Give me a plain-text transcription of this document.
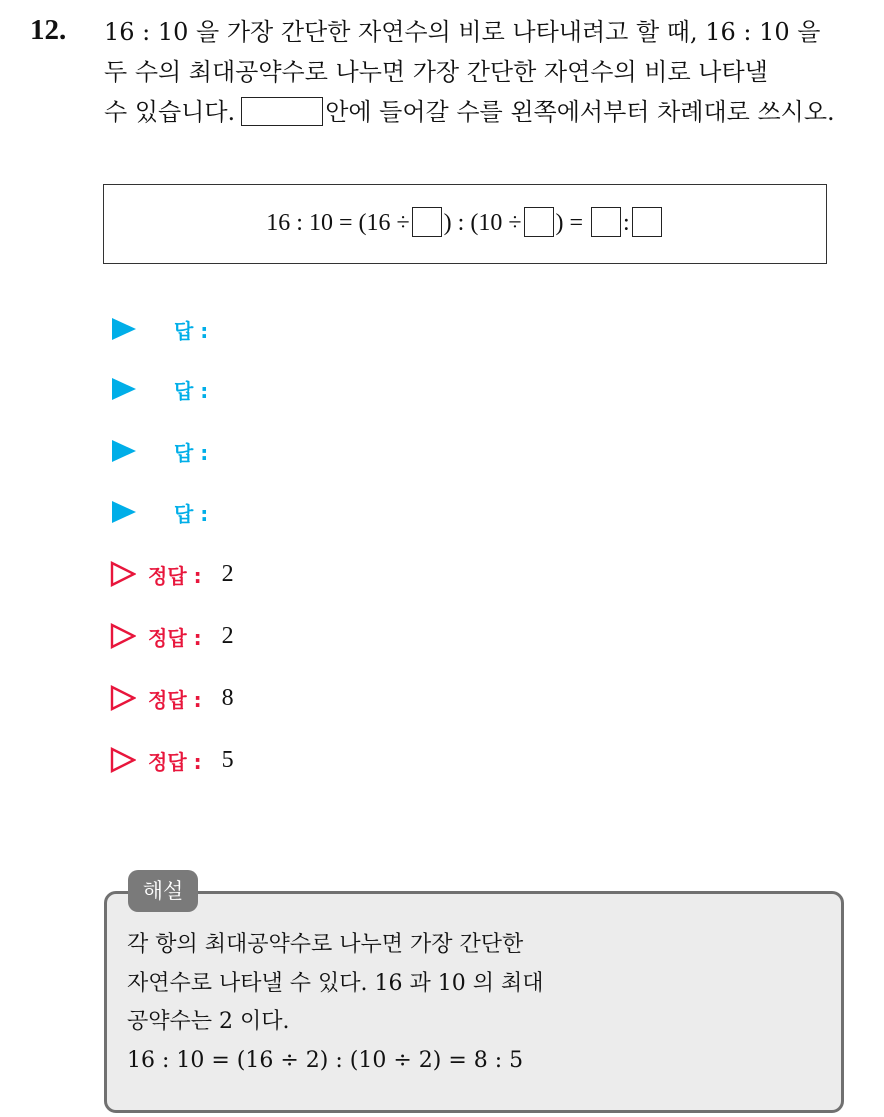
12. 16 : 10 을 가장 간단한 자연수의 비로 나타내려고 할 때, 16 : 10 을
두 수의 최대공약수로 나누면 가장 간단한 자연수의 비로 나타낼
수 있습니다.	안에 들어갈 수를 왼쪽에서부터 차례대로 쓰시오.
16 : 10 = (16 ÷ ) : (10 ÷ ) = :
답 :
답 :
답 :
답 :
정답 : 2
정답 : 2
정답 : 8
정답 : 5
해설
각 항의 최대공약수로 나누면 가장 간단한
자연수로 나타낼 수 있다. 16 과 10 의 최대
공약수는 2 이다.
16 : 10 = (16 ÷ 2) : (10 ÷ 2) = 8 : 5
